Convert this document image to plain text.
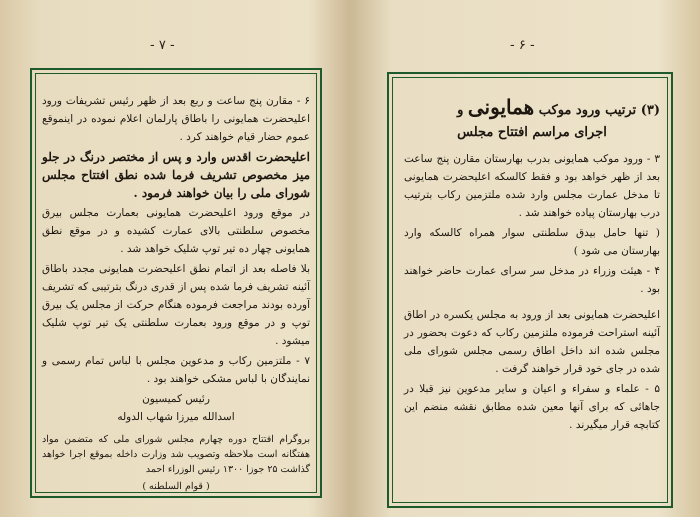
- ۷ -

۶ - مقارن پنج ساعت و ربع بعد از ظهر رئیس تشریفات ورود اعلیحضرت همایونی را باطاق پارلمان اعلام نموده در اینموقع عموم حضار قیام خواهند کرد .

اعلیحضرت اقدس وارد و پس از مختصر درنگ در جلو میز مخصوص تشریف فرما شده نطق افتتاح مجلس شورای ملی را بیان خواهند فرمود .

در موقع ورود اعلیحضرت همایونی بعمارت مجلس بیرق مخصوص سلطنتی بالای عمارت کشیده و در موقع نطق همایونی چهار ده تیر توپ شلیک خواهد شد .

بلا فاصله بعد از اتمام نطق اعلیحضرت همایونی مجدد باطاق آئینه تشریف فرما شده پس از قدری درنگ بترتیبی که تشریف آورده بودند مراجعت فرموده هنگام حرکت از مجلس یک بیرق توپ و در موقع ورود بعمارت سلطنتی یک تیر توپ شلیک میشود .

۷ - ملتزمین رکاب و مدعوین مجلس با لباس تمام رسمی و نمایندگان با لباس مشکی خواهند بود .

رئیس کمیسیون

اسدالله میرزا شهاب الدوله

بروگرام افتتاح دوره چهارم مجلس شورای ملی که متضمن مواد هفتگانه است ملاحظه وتصویب شد وزارت داخله بموقع اجرا خواهد گذاشت ۲۵ جوزا ۱۳۰۰ رئیس الوزراء احمد

( قوام السلطنه )

- ۶ -
(۳) ترتیب ورود موکب همایونی و
اجرای مراسم افتتاح مجلس

۳ - ورود موکب همایونی بدرب بهارستان مقارن پنج ساعت بعد از ظهر خواهد بود و فقط کالسکه اعلیحضرت همایونی تا مدخل عمارت مجلس وارد شده ملتزمین رکاب بترتیب درب بهارستان پیاده خواهند شد .

( تنها حامل بیدق سلطنتی سوار همراه کالسکه وارد بهارستان می شود )

۴ - هیئت وزراء در مدخل سر سرای عمارت حاضر خواهند بود .

اعلیحضرت همایونی بعد از ورود به مجلس یکسره در اطاق آئینه استراحت فرموده ملتزمین رکاب که دعوت بحضور در مجلس شده اند داخل اطاق رسمی مجلس شورای ملی شده در جای خود قرار خواهند گرفت .

۵ - علماء و سفراء و اعیان و سایر مدعوین نیز قبلا در جاهائی که برای آنها معین شده مطابق نقشه منضم این کتابچه قرار میگیرند .
